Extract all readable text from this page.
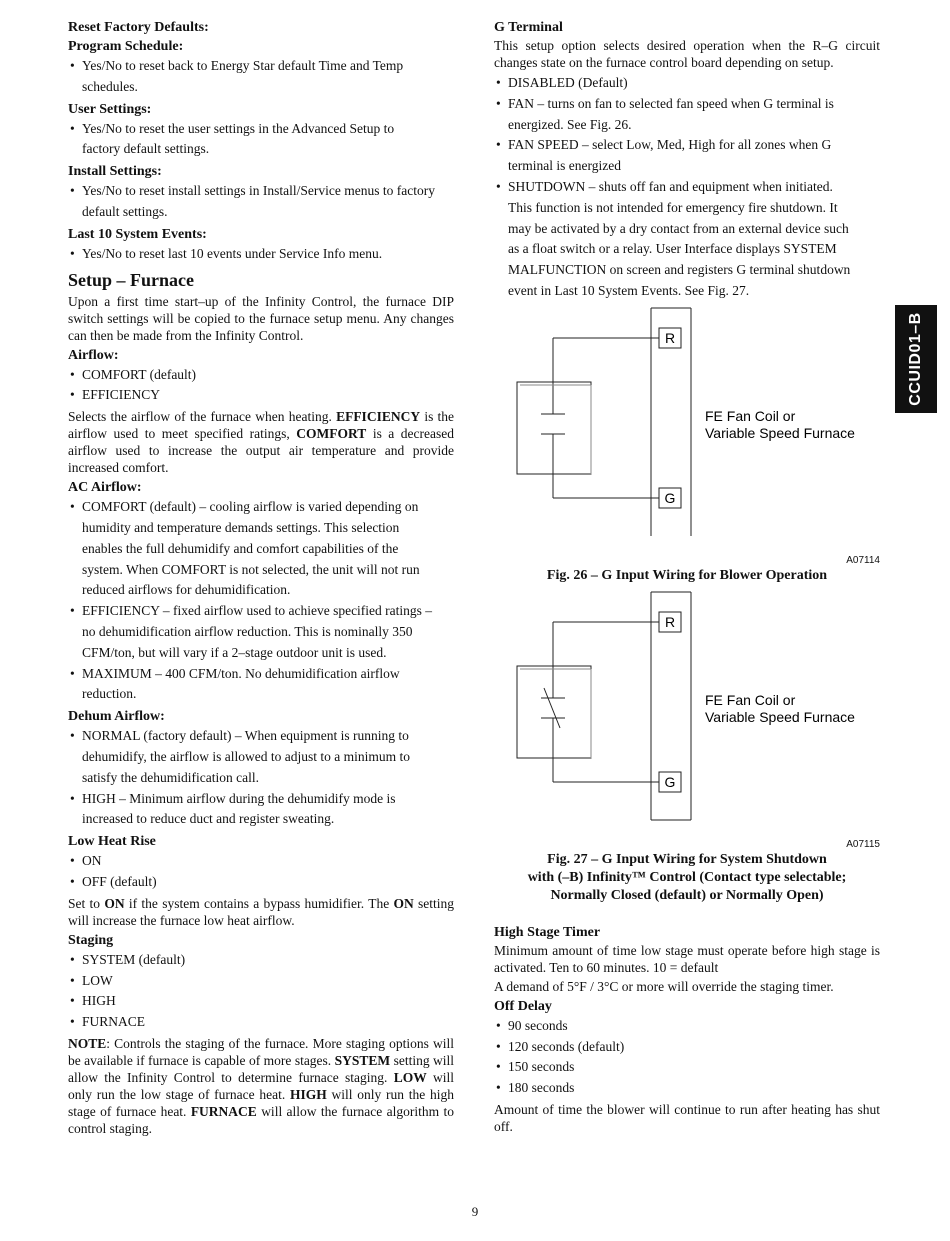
CCUID01–B
Reset Factory Defaults:
Program Schedule:
• Yes/No to reset back to Energy Star default Time and Temp
schedules.
User Settings:
• Yes/No to reset the user settings in the Advanced Setup to
factory default settings.
Install Settings:
• Yes/No to reset install settings in Install/Service menus to factory
default settings.
Last 10 System Events:
• Yes/No to reset last 10 events under Service Info menu.
Setup – Furnace

Upon a first time start–up of the Infinity Control, the furnace DIP switch settings will be copied to the furnace setup menu. Any changes can then be made from the Infinity Control.

Airflow:
• COMFORT (default)
• EFFICIENCY

Selects the airflow of the furnace when heating. EFFICIENCY is the airflow used to meet specified ratings, COMFORT is a decreased airflow used to increase the output air temperature and provide increased comfort.

AC Airflow:
• COMFORT (default) – cooling airflow is varied depending on
humidity and temperature demands settings. This selection
enables the full dehumidify and comfort capabilities of the
system. When COMFORT is not selected, the unit will not run
reduced airflows for dehumidification.
• EFFICIENCY – fixed airflow used to achieve specified ratings –
no dehumidification airflow reduction. This is nominally 350
CFM/ton, but will vary if a 2–stage outdoor unit is used.
• MAXIMUM – 400 CFM/ton. No dehumidification airflow
reduction.
Dehum Airflow:
• NORMAL (factory default) – When equipment is running to
dehumidify, the airflow is allowed to adjust to a minimum to
satisfy the dehumidification call.
• HIGH – Minimum airflow during the dehumidify mode is
increased to reduce duct and register sweating.
Low Heat Rise
• ON
• OFF (default)

Set to ON if the system contains a bypass humidifier. The ON setting will increase the furnace low heat airflow.

Staging
• SYSTEM (default)
• LOW
• HIGH
• FURNACE

NOTE: Controls the staging of the furnace. More staging options will be available if furnace is capable of more stages. SYSTEM setting will allow the Infinity Control to determine furnace staging. LOW will only run the low stage of furnace heat. HIGH will only run the high stage of furnace heat. FURNACE will allow the furnace algorithm to control staging.

G Terminal

This setup option selects desired operation when the R–G circuit changes state on the furnace control board depending on setup.

• DISABLED (Default)
• FAN – turns on fan to selected fan speed when G terminal is
energized. See Fig. 26.
• FAN SPEED – select Low, Med, High for all zones when G
terminal is energized
• SHUTDOWN – shuts off fan and equipment when initiated.
This function is not intended for emergency fire shutdown. It
may be activated by a dry contact from an external device such
as a float switch or a relay. User Interface displays SYSTEM
MALFUNCTION on screen and registers G terminal shutdown
event in Last 10 System Events. See Fig. 27.
R
G
FE Fan Coil or
Variable Speed Furnace
A07114

Fig. 26 – G Input Wiring for Blower Operation

R
G
FE Fan Coil or
Variable Speed Furnace
A07115

Fig. 27 – G Input Wiring for System Shutdown

with (–B) Infinity™ Control (Contact type selectable;

Normally Closed (default) or Normally Open)

High Stage Timer

Minimum amount of time low stage must operate before high stage is activated. Ten to 60 minutes. 10 = default

A demand of 5°F / 3°C or more will override the staging timer.

Off Delay
• 90 seconds
• 120 seconds (default)
• 150 seconds
• 180 seconds

Amount of time the blower will continue to run after heating has shut off.

9
